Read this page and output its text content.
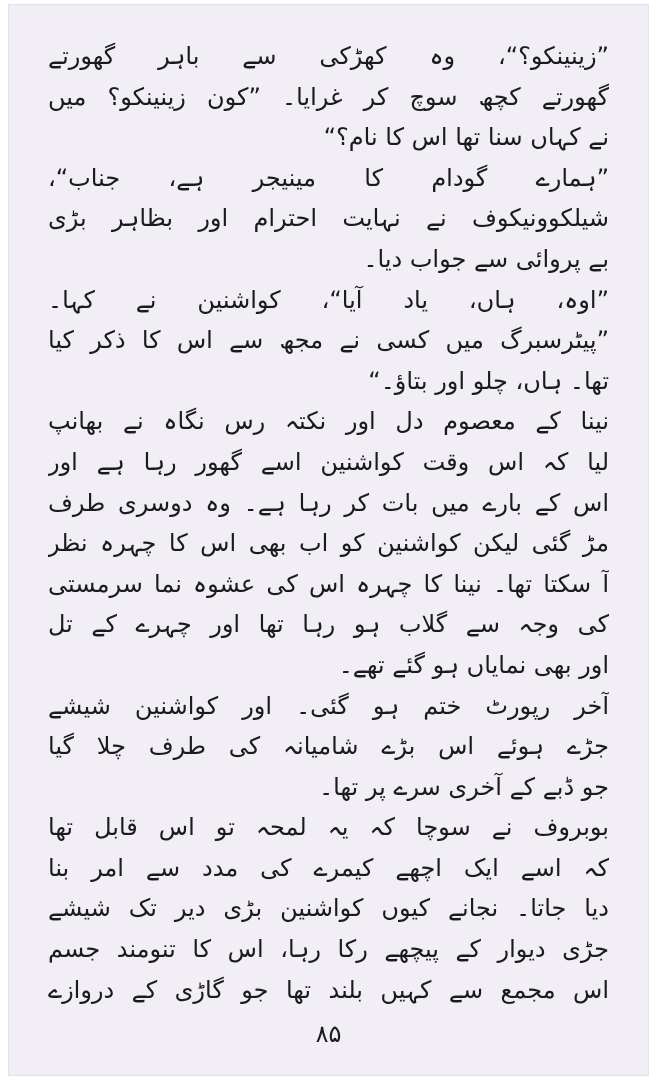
”زینینکو؟“، وہ کھڑکی سے باہر گھورتے
گھورتے کچھ سوچ کر غرایا۔ ”کون زینینکو؟ میں
نے کہاں سنا تھا اس کا نام؟“
”ہمارے گودام کا مینیجر ہے، جناب“،
شیلکوونیکوف نے نہایت احترام اور بظاہر بڑی
بے پروائی سے جواب دیا۔
”اوہ، ہاں، یاد آیا“، کواشنین نے کہا۔
”پیٹرسبرگ میں کسی نے مجھ سے اس کا ذکر کیا
تھا۔ ہاں، چلو اور بتاؤ۔“
نینا کے معصوم دل اور نکتہ رس نگاہ نے بھانپ
لیا کہ اس وقت کواشنین اسے گھور رہا ہے اور
اس کے بارے میں بات کر رہا ہے۔ وہ دوسری طرف
مڑ گئی لیکن کواشنین کو اب بھی اس کا چہرہ نظر
آ سکتا تھا۔ نینا کا چہرہ اس کی عشوہ نما سرمستی
کی وجہ سے گلاب ہو رہا تھا اور چہرے کے تل
اور بھی نمایاں ہو گئے تھے۔
آخر رپورٹ ختم ہو گئی۔ اور کواشنین شیشے
جڑے ہوئے اس بڑے شامیانہ کی طرف چلا گیا
جو ڈبے کے آخری سرے پر تھا۔
بوبروف نے سوچا کہ یہ لمحہ تو اس قابل تھا
کہ اسے ایک اچھے کیمرے کی مدد سے امر بنا
دیا جاتا۔ نجانے کیوں کواشنین بڑی دیر تک شیشے
جڑی دیوار کے پیچھے رکا رہا، اس کا تنومند جسم
اس مجمع سے کہیں بلند تھا جو گاڑی کے دروازے
۸۵
